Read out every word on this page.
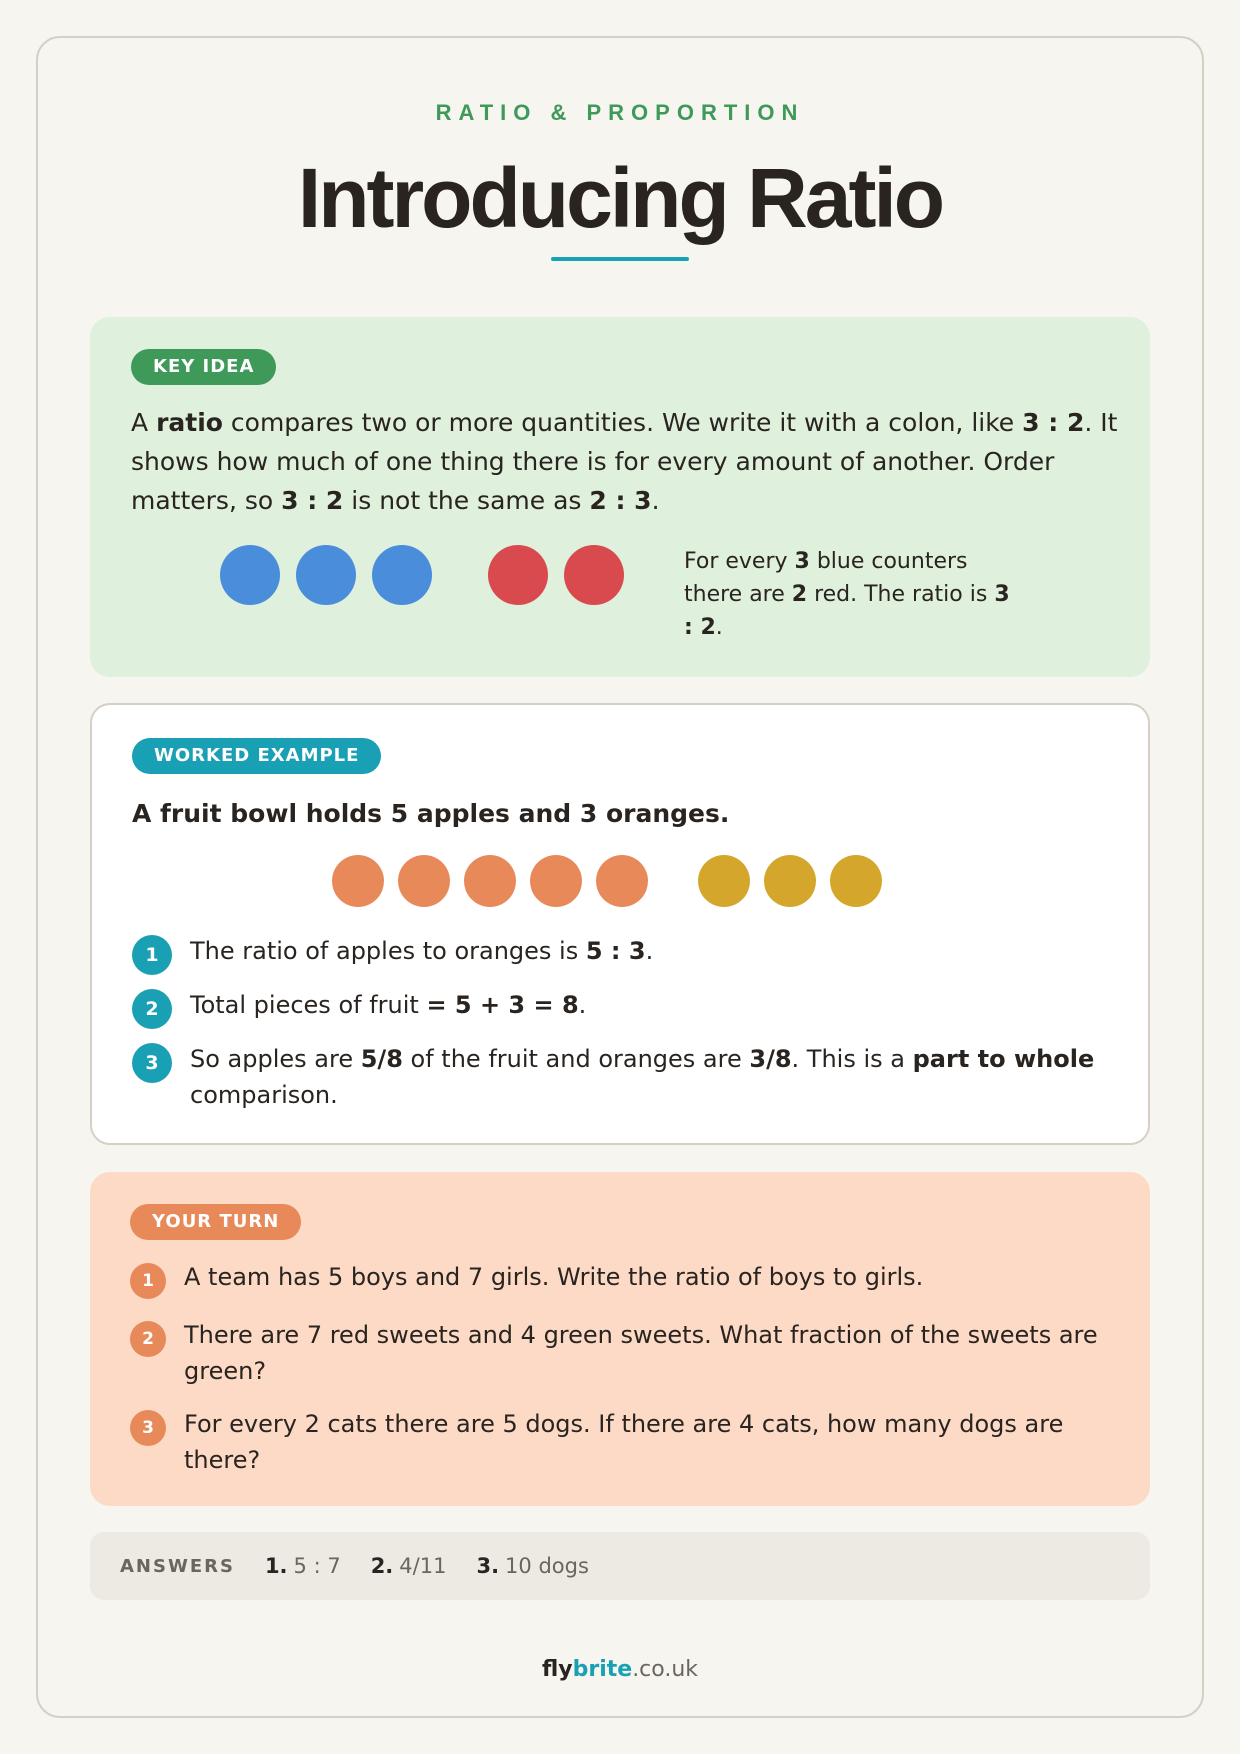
RATIO & PROPORTION
Introducing Ratio
KEY IDEA

A ratio compares two or more quantities. We write it with a colon, like 3 : 2. It shows how much of one thing there is for every amount of another. Order matters, so 3 : 2 is not the same as 2 : 3.

For every 3 blue counters there are 2 red. The ratio is 3 : 2.

WORKED EXAMPLE

A fruit bowl holds 5 apples and 3 oranges.

1	The ratio of apples to oranges is 5 : 3.
2	Total pieces of fruit = 5 + 3 = 8.
3	So apples are 5/8 of the fruit and oranges are 3/8. This is a part to whole comparison.
YOUR TURN
1	A team has 5 boys and 7 girls. Write the ratio of boys to girls.
2	There are 7 red sweets and 4 green sweets. What fraction of the sweets are green?
3	For every 2 cats there are 5 dogs. If there are 4 cats, how many dogs are there?
ANSWERS 1. 5 : 7 2. 4/11 3. 10 dogs
flybrite.co.uk
